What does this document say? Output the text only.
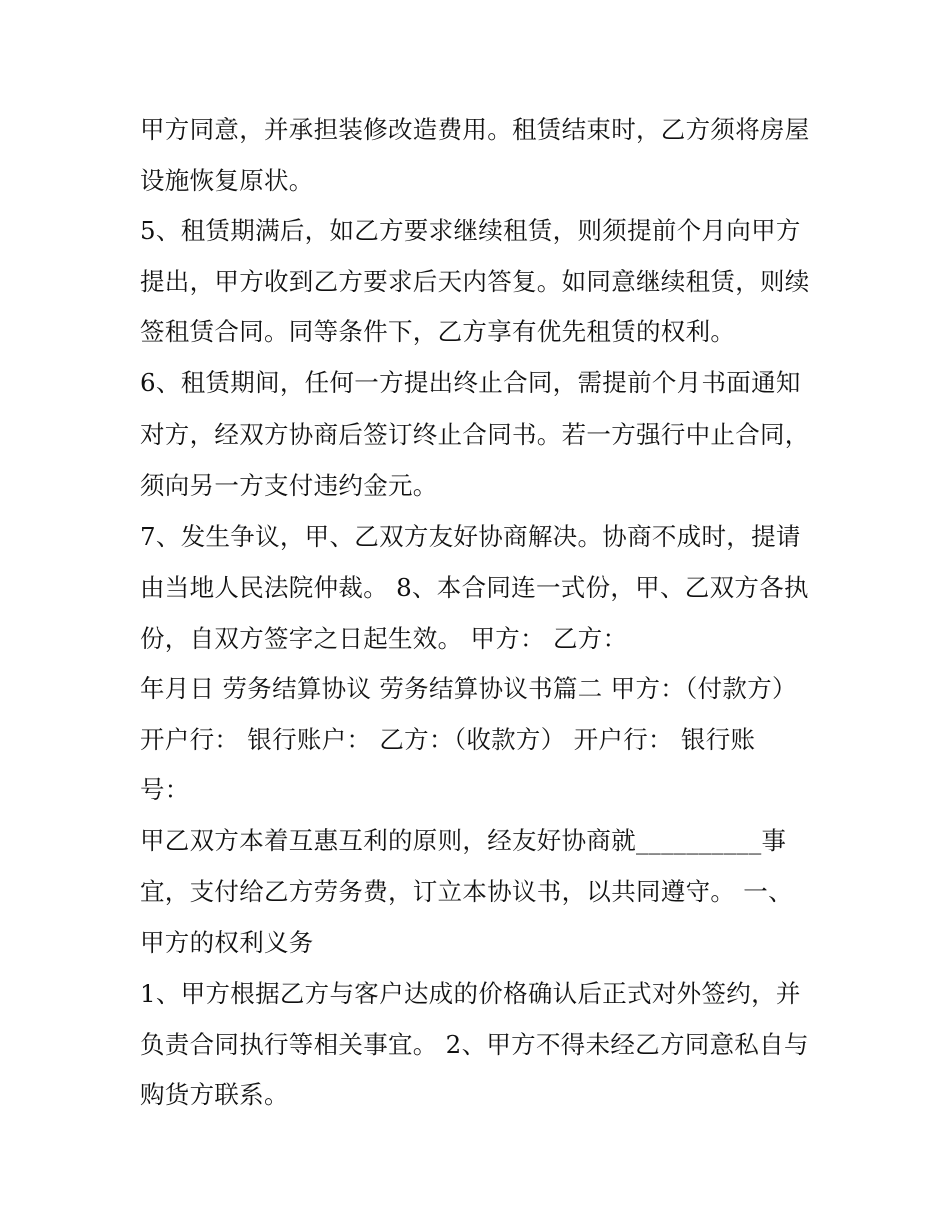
甲方同意，并承担装修改造费用。租赁结束时，乙方须将房屋
设施恢复原状。
5、租赁期满后，如乙方要求继续租赁，则须提前个月向甲方
提出，甲方收到乙方要求后天内答复。如同意继续租赁，则续
签租赁合同。同等条件下，乙方享有优先租赁的权利。
6、租赁期间，任何一方提出终止合同，需提前个月书面通知
对方，经双方协商后签订终止合同书。若一方强行中止合同，
须向另一方支付违约金元。
7、发生争议，甲、乙双方友好协商解决。协商不成时，提请
由当地人民法院仲裁。 8、本合同连一式份，甲、乙双方各执
份，自双方签字之日起生效。 甲方： 乙方：
年月日 劳务结算协议 劳务结算协议书篇二 甲方：（付款方）
开户行： 银行账户： 乙方：（收款方） 开户行： 银行账
号：
甲乙双方本着互惠互利的原则，经友好协商就__________事
宜，支付给乙方劳务费，订立本协议书，以共同遵守。 一、
甲方的权利义务
1、甲方根据乙方与客户达成的价格确认后正式对外签约，并
负责合同执行等相关事宜。 2、甲方不得未经乙方同意私自与
购货方联系。
